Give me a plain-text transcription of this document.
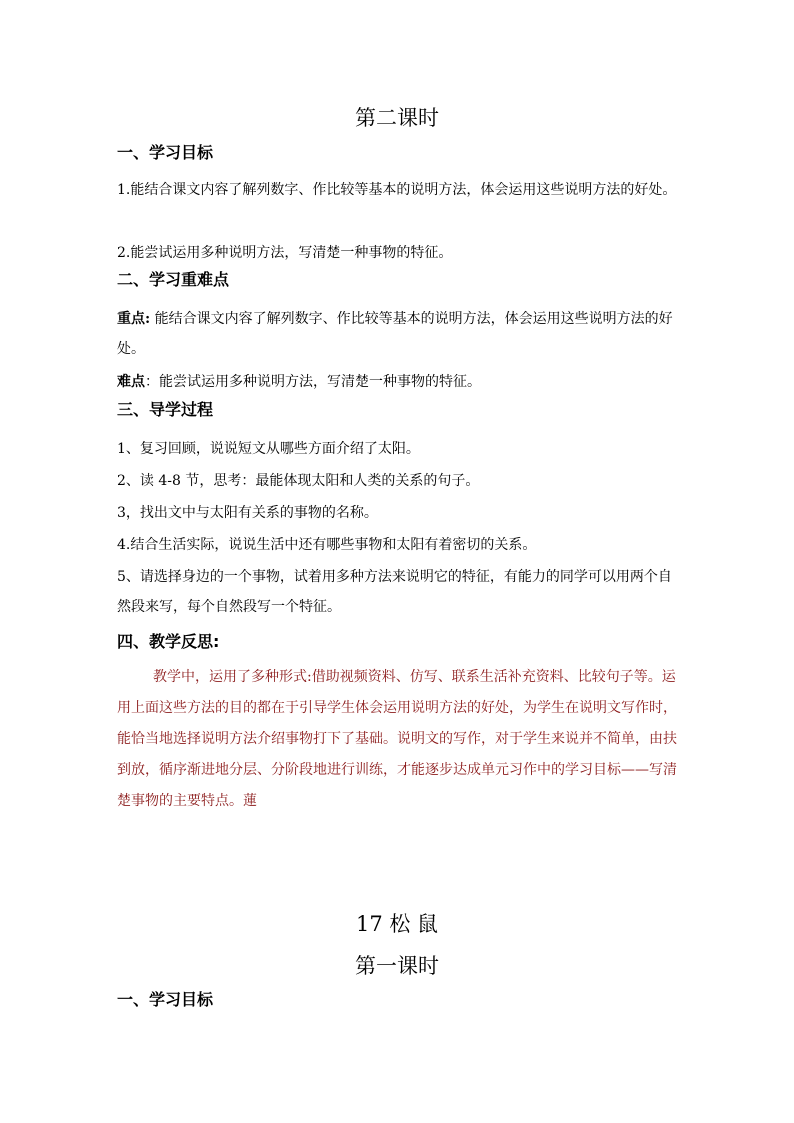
第二课时
一、学习目标
1.能结合课文内容了解列数字、作比较等基本的说明方法，体会运用这些说明方法的好处。
2.能尝试运用多种说明方法，写清楚一种事物的特征。
二、学习重难点
重点: 能结合课文内容了解列数字、作比较等基本的说明方法，体会运用这些说明方法的好处。
难点：能尝试运用多种说明方法，写清楚一种事物的特征。
三、导学过程
1、复习回顾，说说短文从哪些方面介绍了太阳。
2、读 4-8 节，思考：最能体现太阳和人类的关系的句子。
3，找出文中与太阳有关系的事物的名称。
4.结合生活实际，说说生活中还有哪些事物和太阳有着密切的关系。
5、请选择身边的一个事物，试着用多种方法来说明它的特征，有能力的同学可以用两个自然段来写，每个自然段写一个特征。
四、教学反思:
教学中，运用了多种形式:借助视频资料、仿写、联系生活补充资料、比较句子等。运用上面这些方法的目的都在于引导学生体会运用说明方法的好处，为学生在说明文写作时，能恰当地选择说明方法介绍事物打下了基础。说明文的写作，对于学生来说并不简单，由扶到放，循序渐进地分层、分阶段地进行训练，才能逐步达成单元习作中的学习目标——写清楚事物的主要特点。蓮
17 松 鼠
第一课时
一、学习目标
